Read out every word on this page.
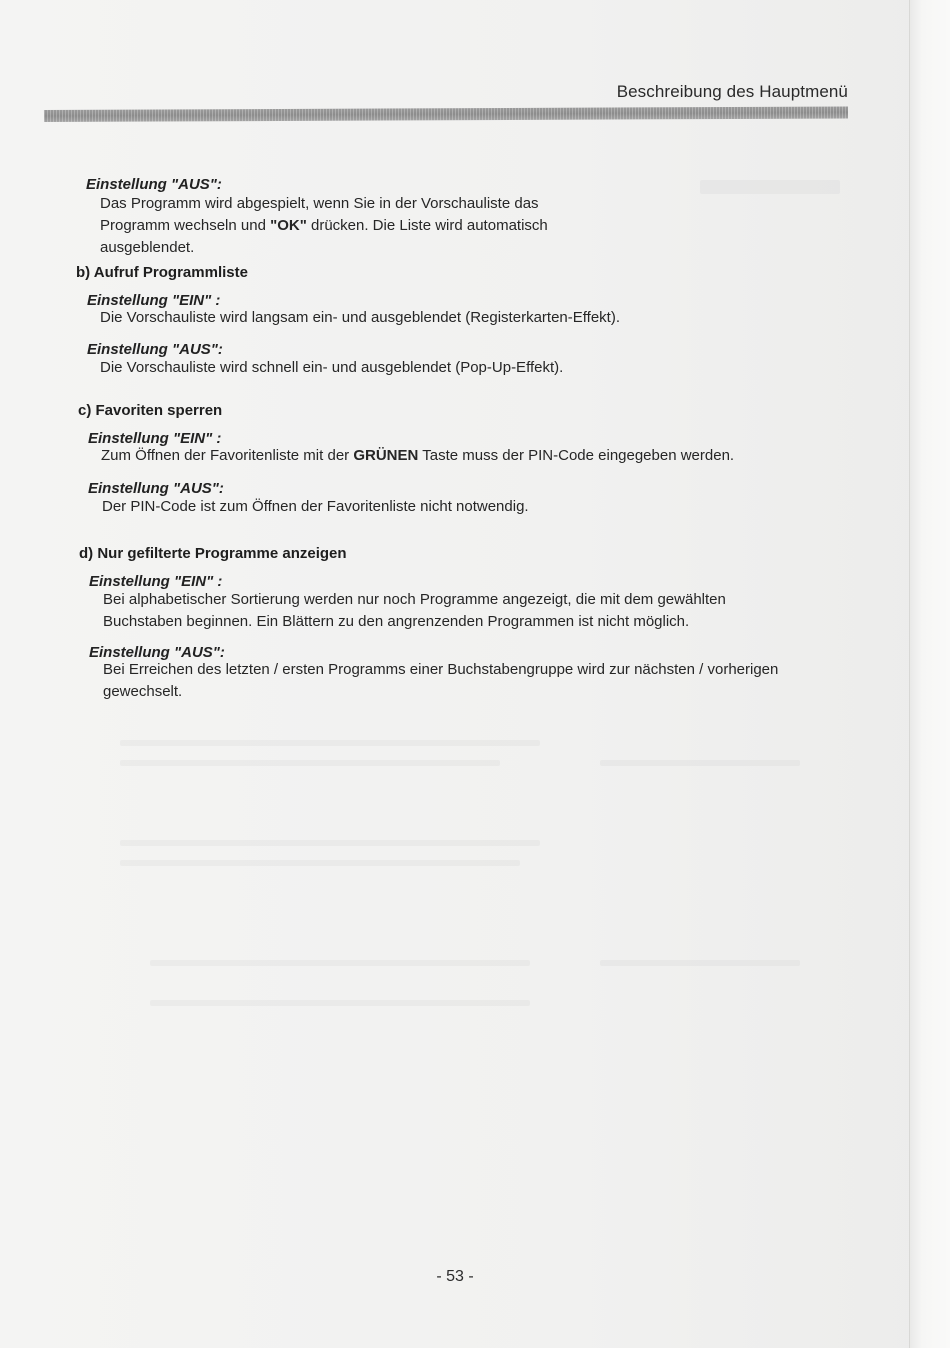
Beschreibung des Hauptmenü
Einstellung "AUS":
Das Programm wird abgespielt, wenn Sie in der Vorschauliste das
Programm wechseln und "OK" drücken. Die Liste wird automatisch
ausgeblendet.
b) Aufruf Programmliste
Einstellung "EIN" :
Die Vorschauliste wird langsam ein- und ausgeblendet (Registerkarten-Effekt).
Einstellung "AUS":
Die Vorschauliste wird schnell ein- und ausgeblendet (Pop-Up-Effekt).
c) Favoriten sperren
Einstellung "EIN" :
Zum Öffnen der Favoritenliste mit der GRÜNEN Taste muss der PIN-Code eingegeben werden.
Einstellung "AUS":
Der PIN-Code ist zum Öffnen der Favoritenliste nicht notwendig.
d) Nur gefilterte Programme anzeigen
Einstellung "EIN" :
Bei alphabetischer Sortierung werden nur noch Programme angezeigt, die mit dem gewählten
Buchstaben beginnen. Ein Blättern zu den angrenzenden Programmen ist nicht möglich.
Einstellung "AUS":
Bei Erreichen des letzten / ersten Programms einer Buchstabengruppe wird zur nächsten / vorherigen
gewechselt.
- 53 -
